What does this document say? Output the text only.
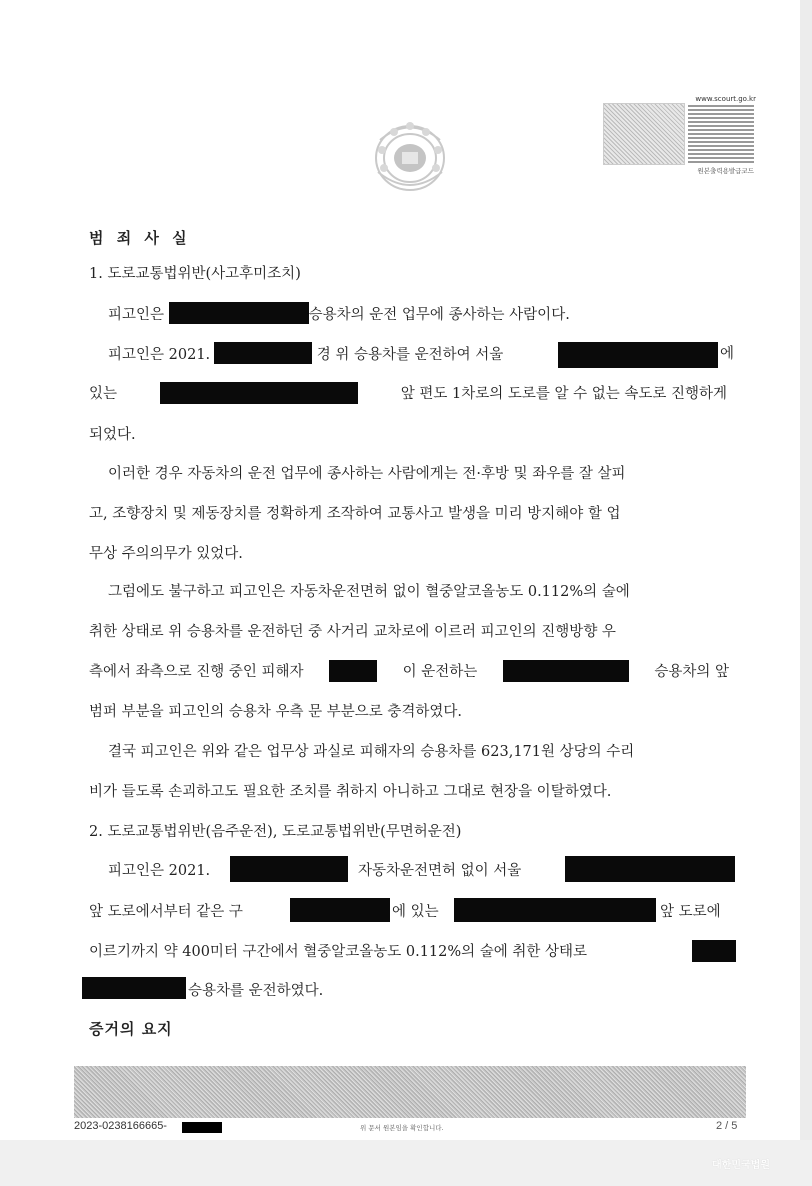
www.scourt.go.kr
원본출력용발급코드
범 죄 사 실
1. 도로교통법위반(사고후미조치)
피고인은	승용차의 운전 업무에 종사하는 사람이다.
피고인은 2021.	경 위 승용차를 운전하여 서울	에
있는	앞 편도 1차로의 도로를 알 수 없는 속도로 진행하게
되었다.
이러한 경우 자동차의 운전 업무에 종사하는 사람에게는 전·후방 및 좌우를 잘 살피
고, 조향장치 및 제동장치를 정확하게 조작하여 교통사고 발생을 미리 방지해야 할 업
무상 주의의무가 있었다.
그럼에도 불구하고 피고인은 자동차운전면허 없이 혈중알코올농도 0.112%의 술에
취한 상태로 위 승용차를 운전하던 중 사거리 교차로에 이르러 피고인의 진행방향 우
측에서 좌측으로 진행 중인 피해자	이 운전하는	승용차의 앞
범퍼 부분을 피고인의 승용차 우측 문 부분으로 충격하였다.
결국 피고인은 위와 같은 업무상 과실로 피해자의 승용차를 623,171원 상당의 수리
비가 들도록 손괴하고도 필요한 조치를 취하지 아니하고 그대로 현장을 이탈하였다.
2. 도로교통법위반(음주운전), 도로교통법위반(무면허운전)
피고인은 2021.	자동차운전면허 없이 서울
앞 도로에서부터 같은 구	에 있는	앞 도로에
이르기까지 약 400미터 구간에서 혈중알코올농도 0.112%의 술에 취한 상태로
승용차를 운전하였다.
증거의 요지
2023-0238166665-	위 문서 원본임을 확인합니다.	2 / 5
대한민국법원
